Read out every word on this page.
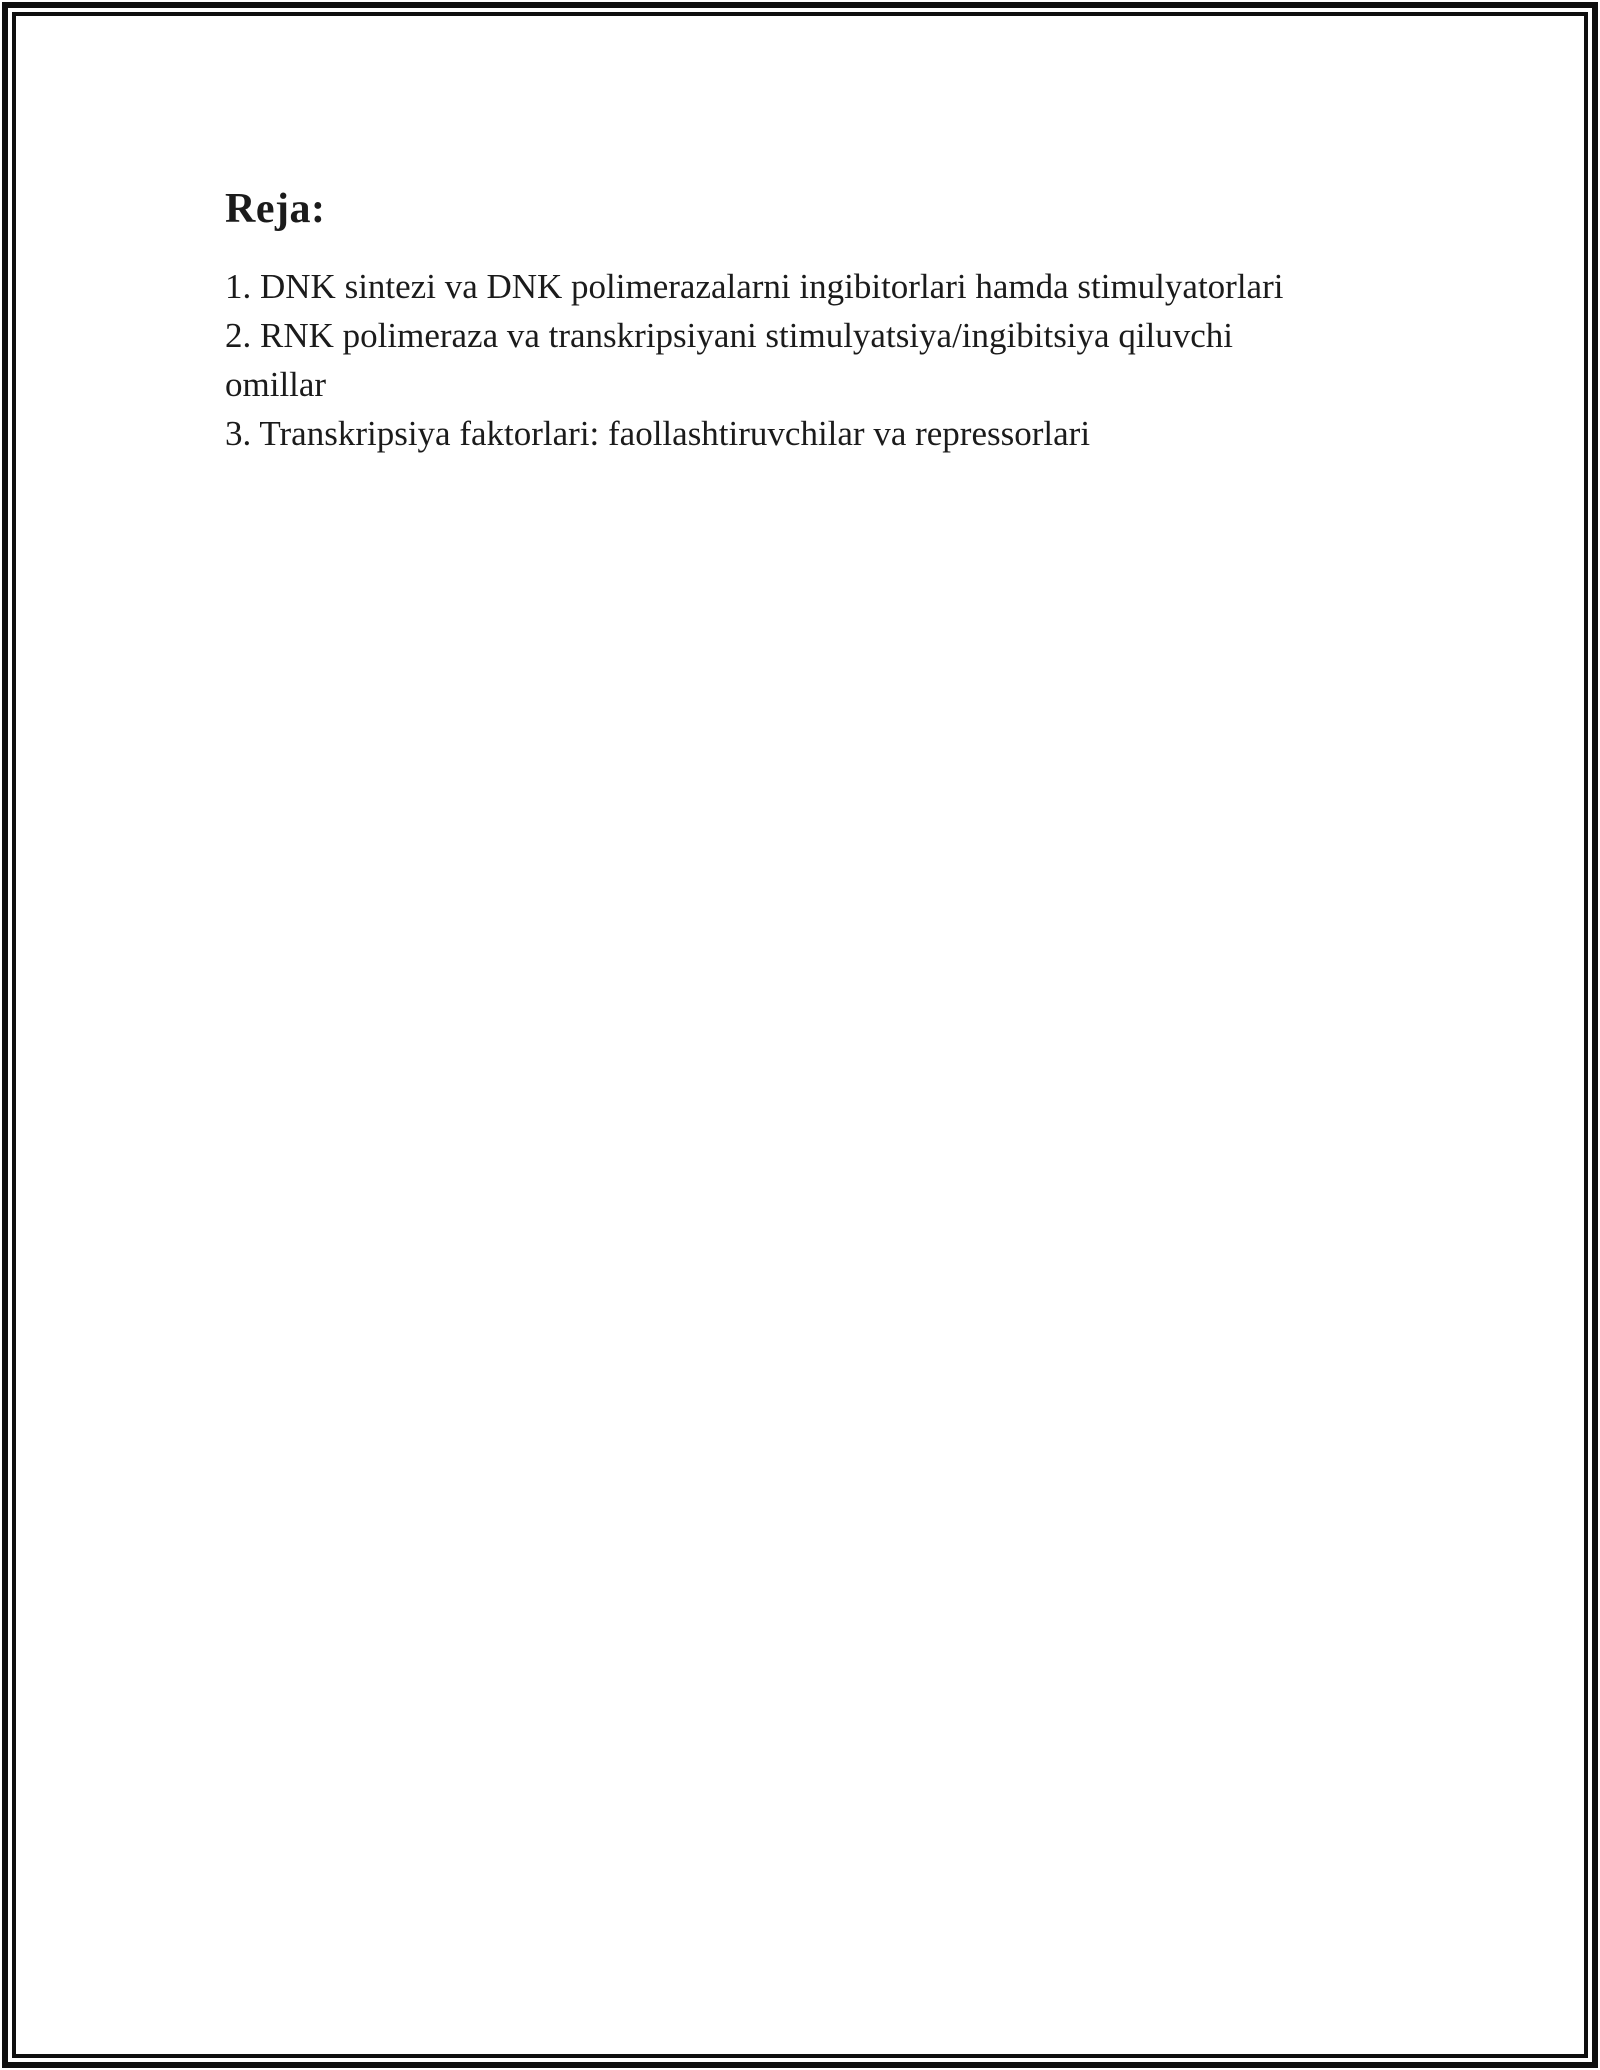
Reja:

1. DNK sintezi va DNK polimerazalarni ingibitorlari hamda stimulyatorlari

2. RNK polimeraza va transkripsiyani stimulyatsiya/ingibitsiya qiluvchi

omillar

3. Transkripsiya faktorlari: faollashtiruvchilar va repressorlari
